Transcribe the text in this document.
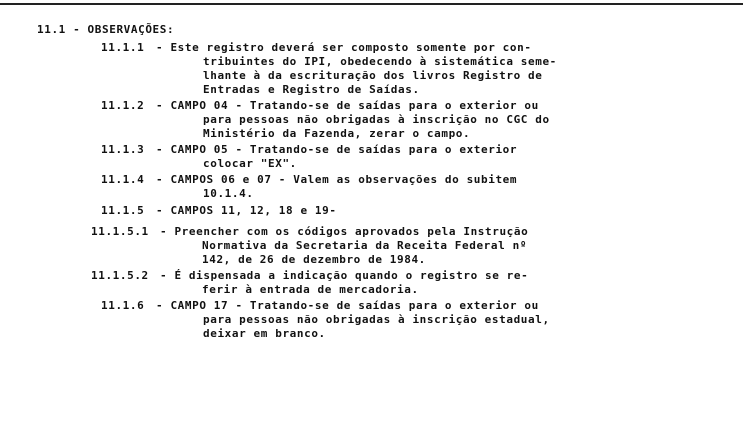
11.1 - OBSERVAÇÕES:
11.1.1 - Este registro deverá ser composto somente por con-
tribuintes do IPI, obedecendo à sistemática seme-
lhante à da escrituração dos livros Registro de
Entradas e Registro de Saídas.
11.1.2 - CAMPO 04 - Tratando-se de saídas para o exterior ou
para pessoas não obrigadas à inscrição no CGC do
Ministério da Fazenda, zerar o campo.
11.1.3 - CAMPO 05 - Tratando-se de saídas para o exterior
colocar "EX".
11.1.4 - CAMPOS 06 e 07 - Valem as observações do subitem
10.1.4.
11.1.5 - CAMPOS 11, 12, 18 e 19-
11.1.5.1 - Preencher com os códigos aprovados pela Instrução
Normativa da Secretaria da Receita Federal nº
142, de 26 de dezembro de 1984.
11.1.5.2 - É dispensada a indicação quando o registro se re-
ferir à entrada de mercadoria.
11.1.6 - CAMPO 17 - Tratando-se de saídas para o exterior ou
para pessoas não obrigadas à inscrição estadual,
deixar em branco.
